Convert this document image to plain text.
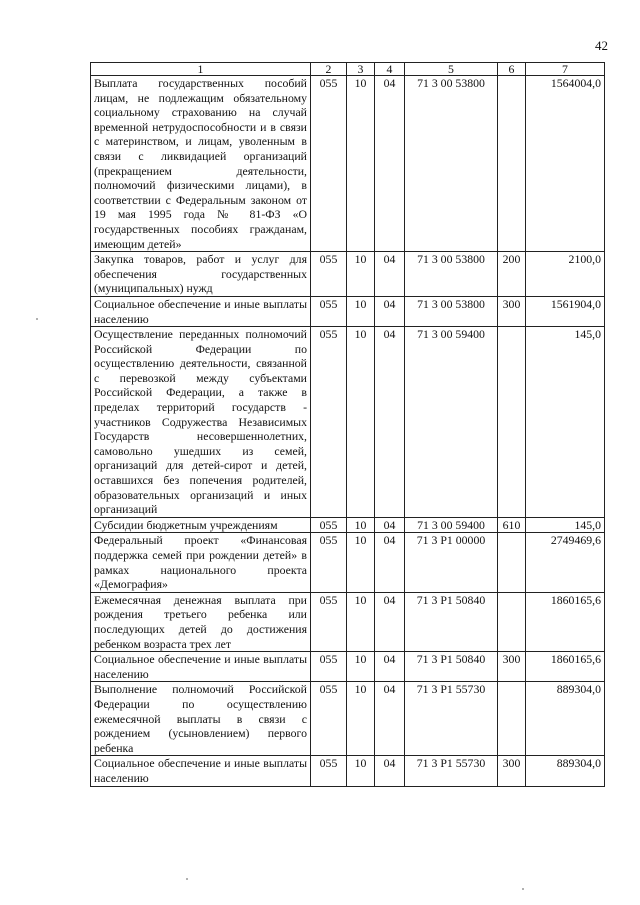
42
1	2	3	4	5	6	7
Выплата государственных пособий лицам, не подлежащим обязательному социальному страхованию на случай временной нетрудоспособности и в связи с материнством, и лицам, уволенным в связи с ликвидацией организаций (прекращением деятельности, полномочий физическими лицами), в соответствии с Федеральным законом от 19 мая 1995 года № 81-ФЗ «О государственных пособиях гражданам, имеющим детей»	055	10	04	71 3 00 53800		1564004,0
Закупка товаров, работ и услуг для обеспечения государственных (муниципальных) нужд	055	10	04	71 3 00 53800	200	2100,0
Социальное обеспечение и иные выплаты населению	055	10	04	71 3 00 53800	300	1561904,0
Осуществление переданных полномочий Российской Федерации по осуществлению деятельности, связанной с перевозкой между субъектами Российской Федерации, а также в пределах территорий государств - участников Содружества Независимых Государств несовершеннолетних, самовольно ушедших из семей, организаций для детей-сирот и детей, оставшихся без попечения родителей, образовательных организаций и иных организаций	055	10	04	71 3 00 59400		145,0
Субсидии бюджетным учреждениям	055	10	04	71 3 00 59400	610	145,0
Федеральный проект «Финансовая поддержка семей при рождении детей» в рамках национального проекта «Демография»	055	10	04	71 3 P1 00000		2749469,6
Ежемесячная денежная выплата при рождения третьего ребенка или последующих детей до достижения ребенком возраста трех лет	055	10	04	71 3 P1 50840		1860165,6
Социальное обеспечение и иные выплаты населению	055	10	04	71 3 P1 50840	300	1860165,6
Выполнение полномочий Российской Федерации по осуществлению ежемесячной выплаты в связи с рождением (усыновлением) первого ребенка	055	10	04	71 3 P1 55730		889304,0
Социальное обеспечение и иные выплаты населению	055	10	04	71 3 P1 55730	300	889304,0
